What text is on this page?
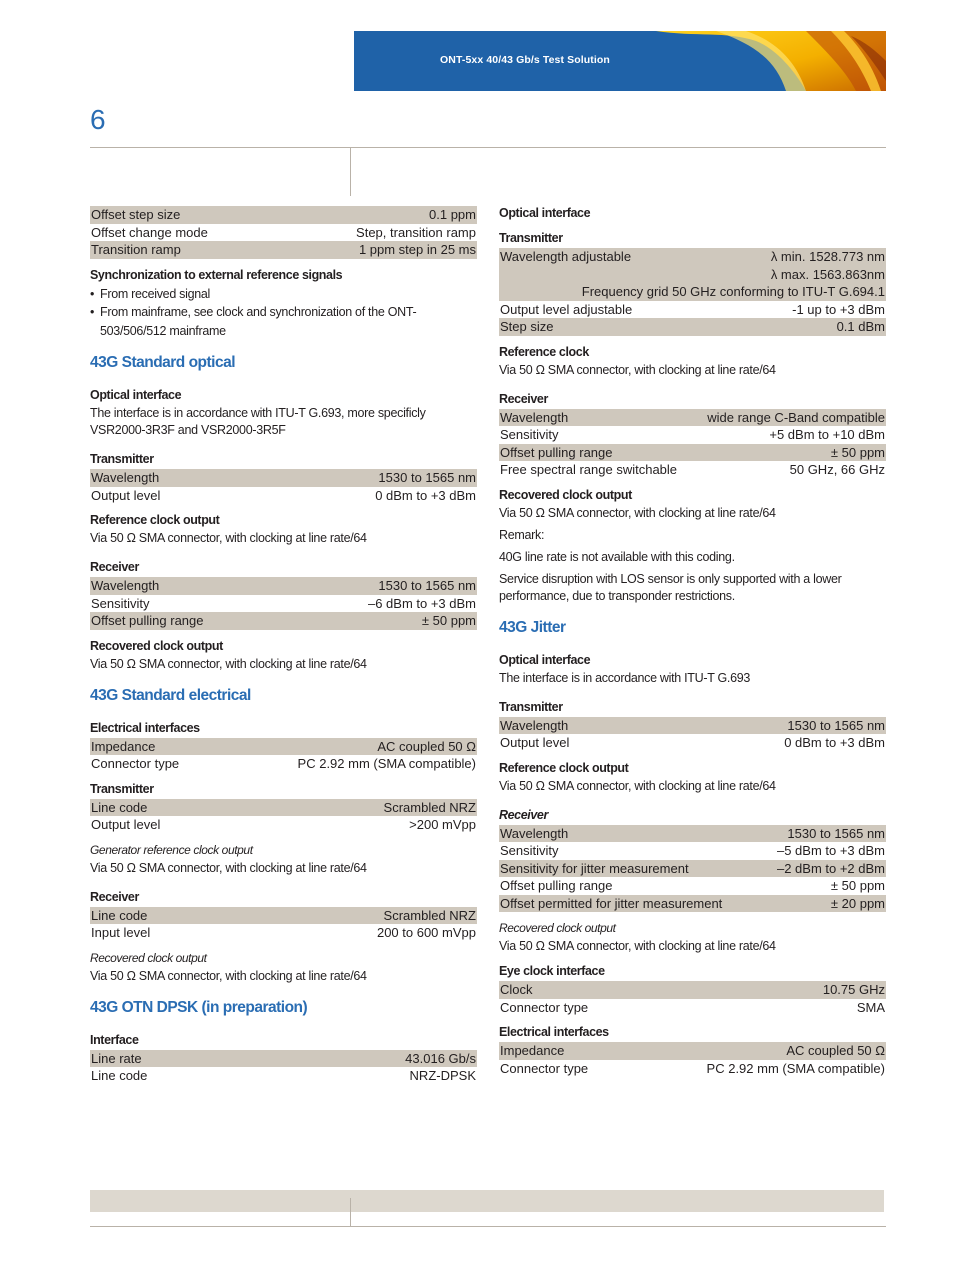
ONT-5xx 40/43 Gb/s Test Solution
6
Offset step size	0.1 ppm
Offset change mode	Step, transition ramp
Transition ramp	1 ppm step in 25 ms
Synchronization to external reference signals
• From received signal
• From mainframe, see clock and synchronization of the ONT-503/506/512 mainframe
43G Standard optical
Optical interface
The interface is in accordance with ITU-T G.693, more specificly VSR2000-3R3F and VSR2000-3R5F
Transmitter
Wavelength	1530 to 1565 nm
Output level	0 dBm to +3 dBm
Reference clock output
Via 50 Ω SMA connector, with clocking at line rate/64
Receiver
Wavelength	1530 to 1565 nm
Sensitivity	–6 dBm to +3 dBm
Offset pulling range	± 50 ppm
Recovered clock output
Via 50 Ω SMA connector, with clocking at line rate/64
43G Standard electrical
Electrical interfaces
Impedance	AC coupled 50 Ω
Connector type	PC 2.92 mm (SMA compatible)
Transmitter
Line code	Scrambled NRZ
Output level	>200 mVpp
Generator reference clock output
Via 50 Ω SMA connector, with clocking at line rate/64
Receiver
Line code	Scrambled NRZ
Input level	200 to 600 mVpp
Recovered clock output
Via 50 Ω SMA connector, with clocking at line rate/64
43G OTN DPSK (in preparation)
Interface
Line rate	43.016 Gb/s
Line code	NRZ-DPSK
Optical interface
Transmitter
Wavelength adjustable	λ min. 1528.773 nm
λ max. 1563.863nm
Frequency grid 50 GHz conforming to ITU-T G.694.1
Output level adjustable	-1 up to +3 dBm
Step size	0.1 dBm
Reference clock
Via 50 Ω SMA connector, with clocking at line rate/64
Receiver
Wavelength	wide range C-Band compatible
Sensitivity	+5 dBm to +10 dBm
Offset pulling range	± 50 ppm
Free spectral range switchable	50 GHz, 66 GHz
Recovered clock output
Via 50 Ω SMA connector, with clocking at line rate/64
Remark:
40G line rate is not available with this coding.
Service disruption with LOS sensor is only supported with a lower performance, due to transponder restrictions.
43G Jitter
Optical interface
The interface is in accordance with ITU-T G.693
Transmitter
Wavelength	1530 to 1565 nm
Output level	0 dBm to +3 dBm
Reference clock output
Via 50 Ω SMA connector, with clocking at line rate/64
Receiver
Wavelength	1530 to 1565 nm
Sensitivity	–5 dBm to +3 dBm
Sensitivity for jitter measurement	–2 dBm to +2 dBm
Offset pulling range	± 50 ppm
Offset permitted for jitter measurement	± 20 ppm
Recovered clock output
Via 50 Ω SMA connector, with clocking at line rate/64
Eye clock interface
Clock	10.75 GHz
Connector type	SMA
Electrical interfaces
Impedance	AC coupled 50 Ω
Connector type	PC 2.92 mm (SMA compatible)
